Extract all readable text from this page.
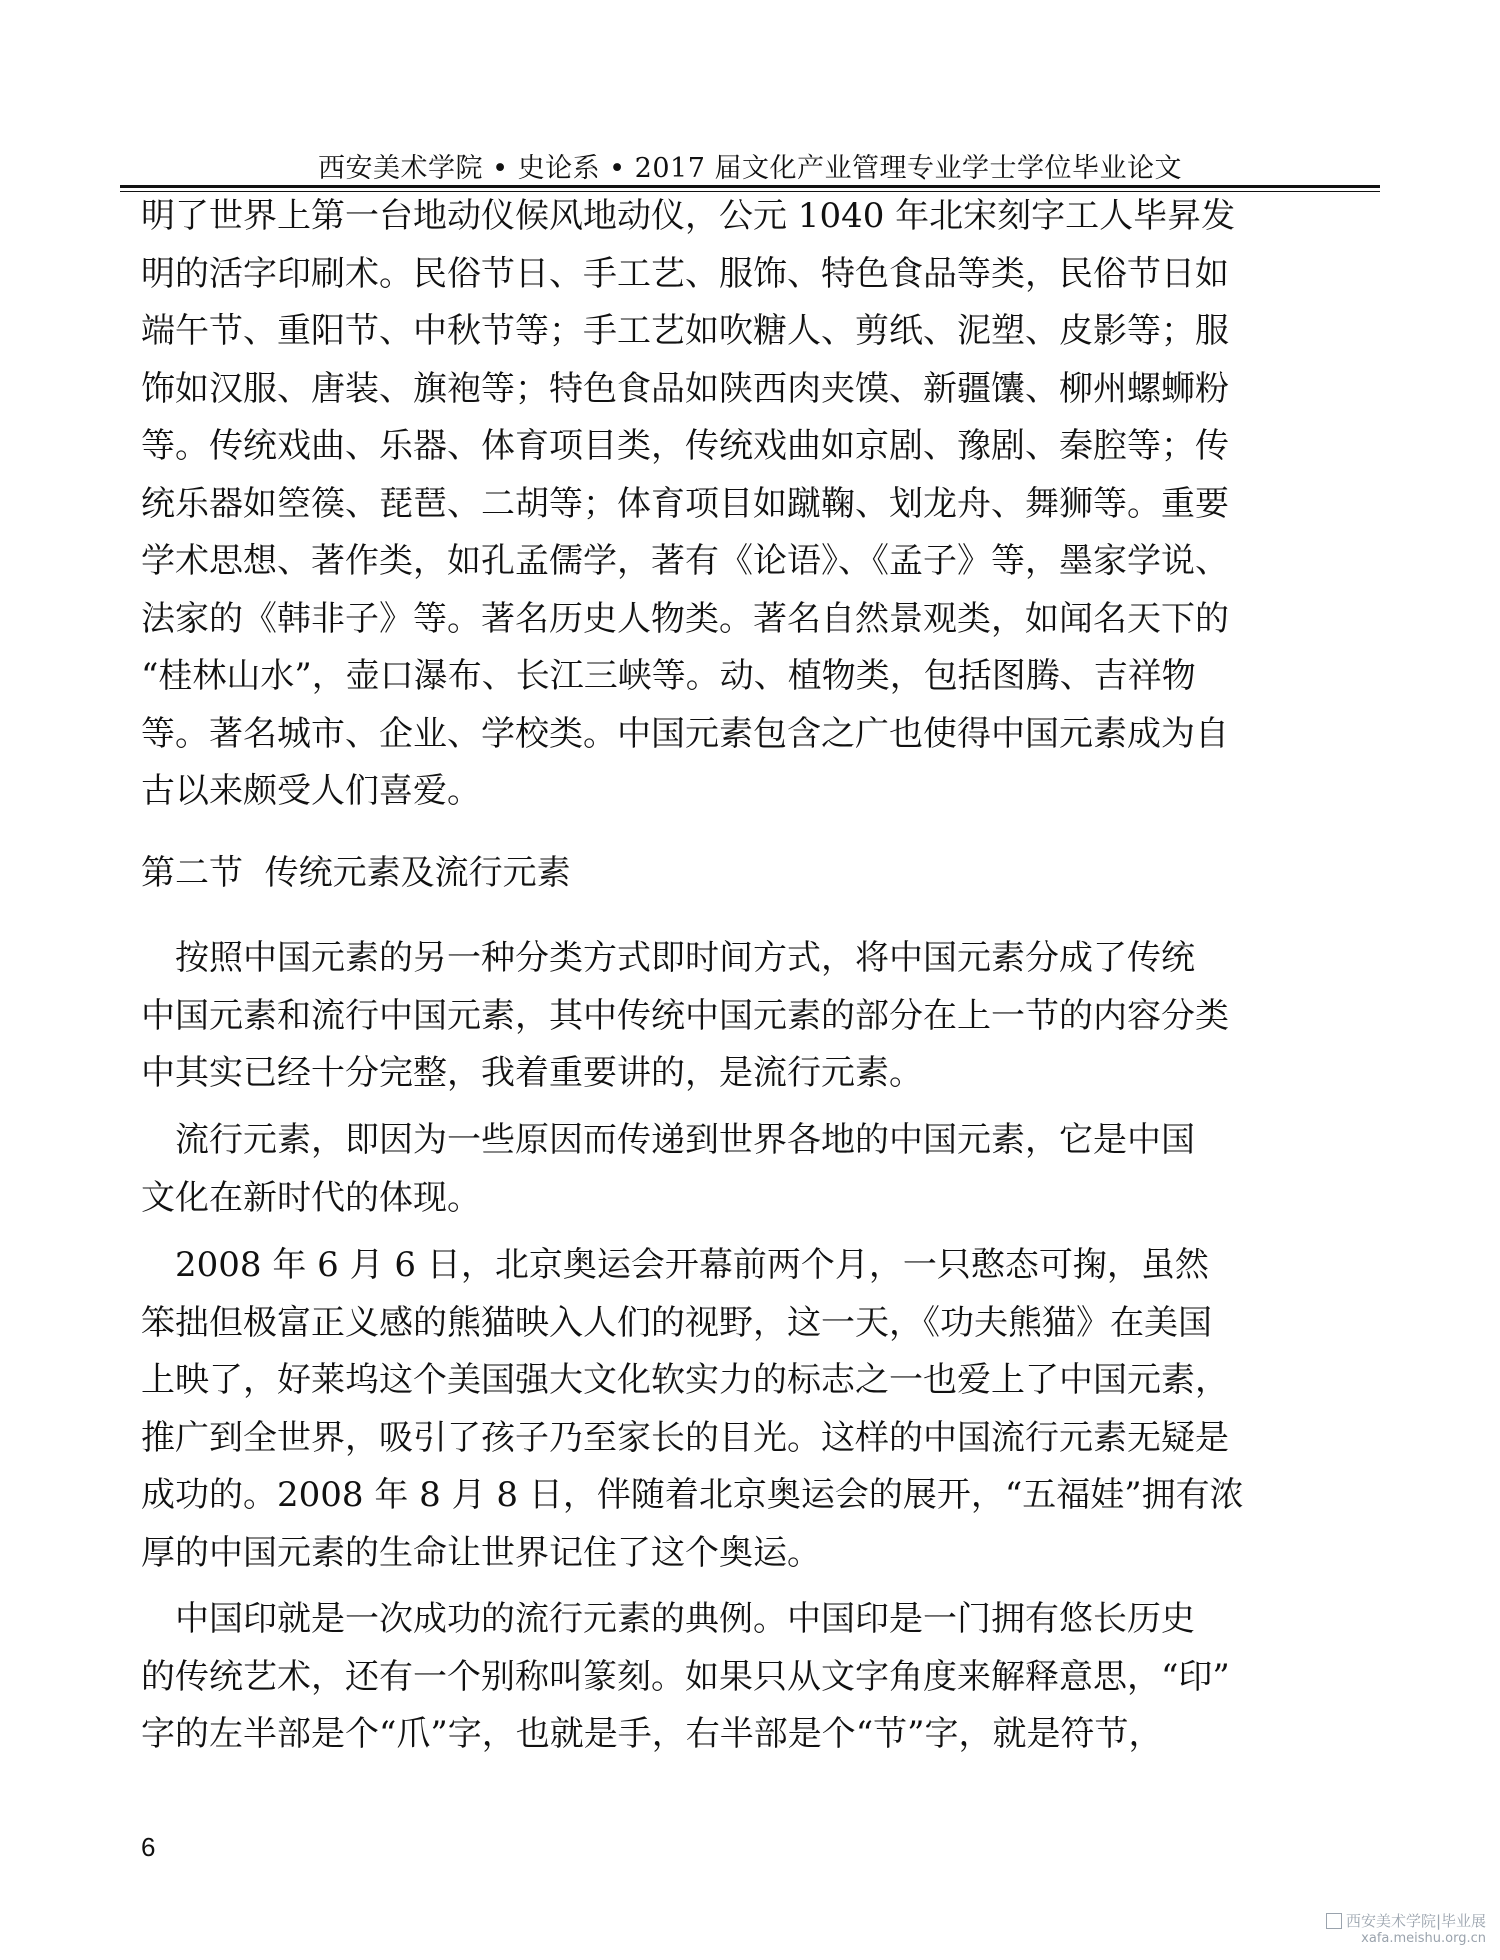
西安美术学院 • 史论系 • 2017 届文化产业管理专业学士学位毕业论文

明了世界上第一台地动仪候风地动仪，公元 1040 年北宋刻字工人毕昇发
明的活字印刷术。民俗节日、手工艺、服饰、特色食品等类，民俗节日如
端午节、重阳节、中秋节等；手工艺如吹糖人、剪纸、泥塑、皮影等；服
饰如汉服、唐装、旗袍等；特色食品如陕西肉夹馍、新疆馕、柳州螺蛳粉
等。传统戏曲、乐器、体育项目类，传统戏曲如京剧、豫剧、秦腔等；传
统乐器如箜篌、琵琶、二胡等；体育项目如蹴鞠、划龙舟、舞狮等。重要
学术思想、著作类，如孔孟儒学，著有《论语》、《孟子》等，墨家学说、
法家的《韩非子》等。著名历史人物类。著名自然景观类，如闻名天下的
“桂林山水”，壶口瀑布、长江三峡等。动、植物类，包括图腾、吉祥物
等。著名城市、企业、学校类。中国元素包含之广也使得中国元素成为自
古以来颇受人们喜爱。

第二节  传统元素及流行元素

　按照中国元素的另一种分类方式即时间方式，将中国元素分成了传统
中国元素和流行中国元素，其中传统中国元素的部分在上一节的内容分类
中其实已经十分完整，我着重要讲的，是流行元素。

　流行元素，即因为一些原因而传递到世界各地的中国元素，它是中国
文化在新时代的体现。

　2008 年 6 月 6 日，北京奥运会开幕前两个月，一只憨态可掬，虽然
笨拙但极富正义感的熊猫映入人们的视野，这一天，《功夫熊猫》在美国
上映了，好莱坞这个美国强大文化软实力的标志之一也爱上了中国元素，
推广到全世界，吸引了孩子乃至家长的目光。这样的中国流行元素无疑是
成功的。2008 年 8 月 8 日，伴随着北京奥运会的展开，“五福娃”拥有浓
厚的中国元素的生命让世界记住了这个奥运。

　中国印就是一次成功的流行元素的典例。中国印是一门拥有悠长历史
的传统艺术，还有一个别称叫篆刻。如果只从文字角度来解释意思，“印”
字的左半部是个“爪”字，也就是手，右半部是个“节”字，就是符节，

6
西安美术学院|毕业展
xafa.meishu.org.cn
